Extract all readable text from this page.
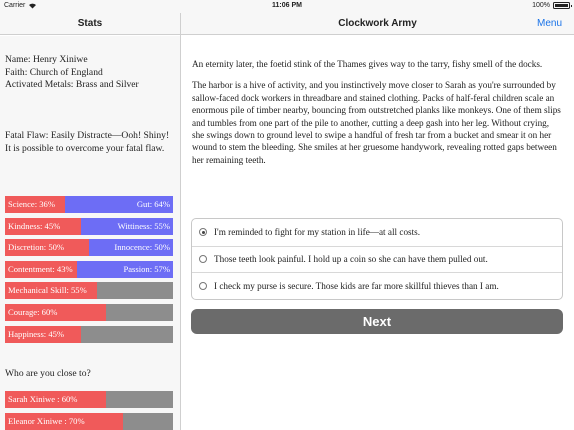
Carrier	11:06 PM	100%
Stats	Clockwork Army	Menu
Name: Henry Xiniwe
Faith: Church of England
Activated Metals: Brass and Silver
Fatal Flaw: Easily Distracte—Ooh! Shiny!
It is possible to overcome your fatal flaw.
Science: 36%	Gut: 64%
Kindness: 45%	Wittiness: 55%
Discretion: 50%	Innocence: 50%
Contentment: 43%	Passion: 57%
Mechanical Skill: 55%
Courage: 60%
Happiness: 45%
Who are you close to?
Sarah Xiniwe : 60%
Eleanor Xiniwe : 70%

An eternity later, the foetid stink of the Thames gives way to the tarry, fishy smell of the docks.

The harbor is a hive of activity, and you instinctively move closer to Sarah as you're surrounded by sallow-faced dock workers in threadbare and stained clothing. Packs of half-feral children scale an enormous pile of timber nearby, bouncing from outstretched planks like monkeys. One of them slips and tumbles from one part of the pile to another, cutting a deep gash into her leg. Without crying, she swings down to ground level to swipe a handful of fresh tar from a bucket and smear it on her wound to stem the bleeding. She smiles at her gruesome handywork, revealing rotted gaps between her remaining teeth.

I'm reminded to fight for my station in life—at all costs.
Those teeth look painful. I hold up a coin so she can have them pulled out.
I check my purse is secure. Those kids are far more skillful thieves than I am.
Next
